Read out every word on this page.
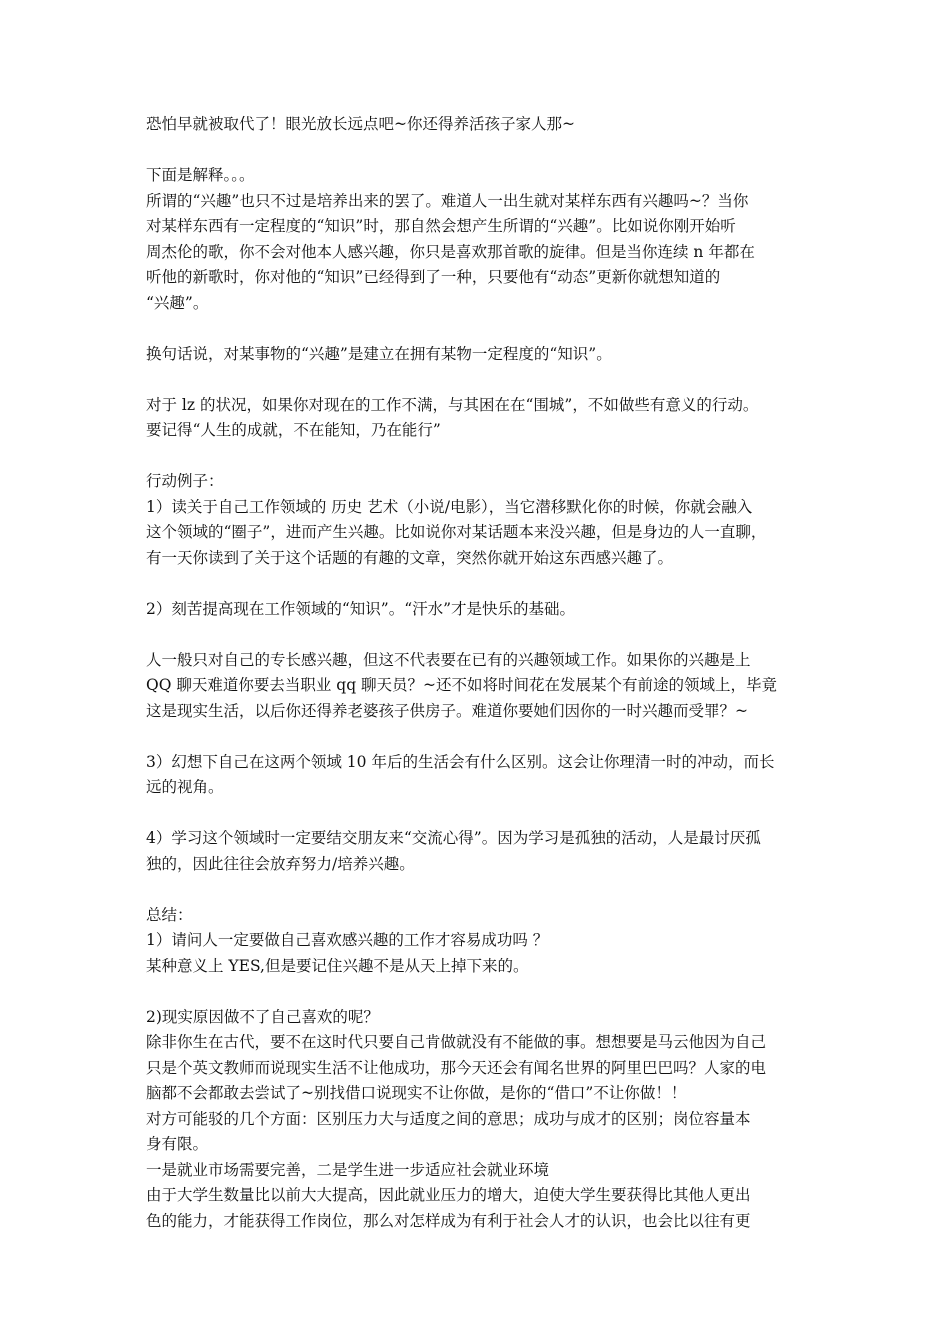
恐怕早就被取代了！眼光放长远点吧~你还得养活孩子家人那~

下面是解释。。。

所谓的“兴趣”也只不过是培养出来的罢了。难道人一出生就对某样东西有兴趣吗~？当你

对某样东西有一定程度的“知识”时，那自然会想产生所谓的“兴趣”。比如说你刚开始听

周杰伦的歌，你不会对他本人感兴趣，你只是喜欢那首歌的旋律。但是当你连续 n 年都在

听他的新歌时，你对他的“知识”已经得到了一种，只要他有“动态”更新你就想知道的

“兴趣”。

换句话说，对某事物的“兴趣”是建立在拥有某物一定程度的“知识”。

对于 lz 的状况，如果你对现在的工作不满，与其困在在“围城”，不如做些有意义的行动。

要记得“人生的成就，不在能知，乃在能行”

行动例子：

1）读关于自己工作领域的 历史 艺术（小说/电影），当它潜移默化你的时候，你就会融入

这个领域的“圈子”，进而产生兴趣。比如说你对某话题本来没兴趣，但是身边的人一直聊，

有一天你读到了关于这个话题的有趣的文章，突然你就开始这东西感兴趣了。

2）刻苦提高现在工作领域的“知识”。“汗水”才是快乐的基础。

人一般只对自己的专长感兴趣，但这不代表要在已有的兴趣领域工作。如果你的兴趣是上

QQ 聊天难道你要去当职业 qq 聊天员？~还不如将时间花在发展某个有前途的领域上，毕竟

这是现实生活，以后你还得养老婆孩子供房子。难道你要她们因你的一时兴趣而受罪？~

3）幻想下自己在这两个领域 10 年后的生活会有什么区别。这会让你理清一时的冲动，而长

远的视角。

4）学习这个领域时一定要结交朋友来“交流心得”。因为学习是孤独的活动，人是最讨厌孤

独的，因此往往会放弃努力/培养兴趣。

总结：

1）请问人一定要做自己喜欢感兴趣的工作才容易成功吗 ？

某种意义上 YES,但是要记住兴趣不是从天上掉下来的。

2)现实原因做不了自己喜欢的呢？

除非你生在古代，要不在这时代只要自己肯做就没有不能做的事。想想要是马云他因为自己

只是个英文教师而说现实生活不让他成功，那今天还会有闻名世界的阿里巴巴吗？人家的电

脑都不会都敢去尝试了~别找借口说现实不让你做，是你的“借口”不让你做！！

对方可能驳的几个方面：区别压力大与适度之间的意思；成功与成才的区别；岗位容量本

身有限。

一是就业市场需要完善，二是学生进一步适应社会就业环境

由于大学生数量比以前大大提高，因此就业压力的增大，迫使大学生要获得比其他人更出

色的能力，才能获得工作岗位，那么对怎样成为有利于社会人才的认识，也会比以往有更
